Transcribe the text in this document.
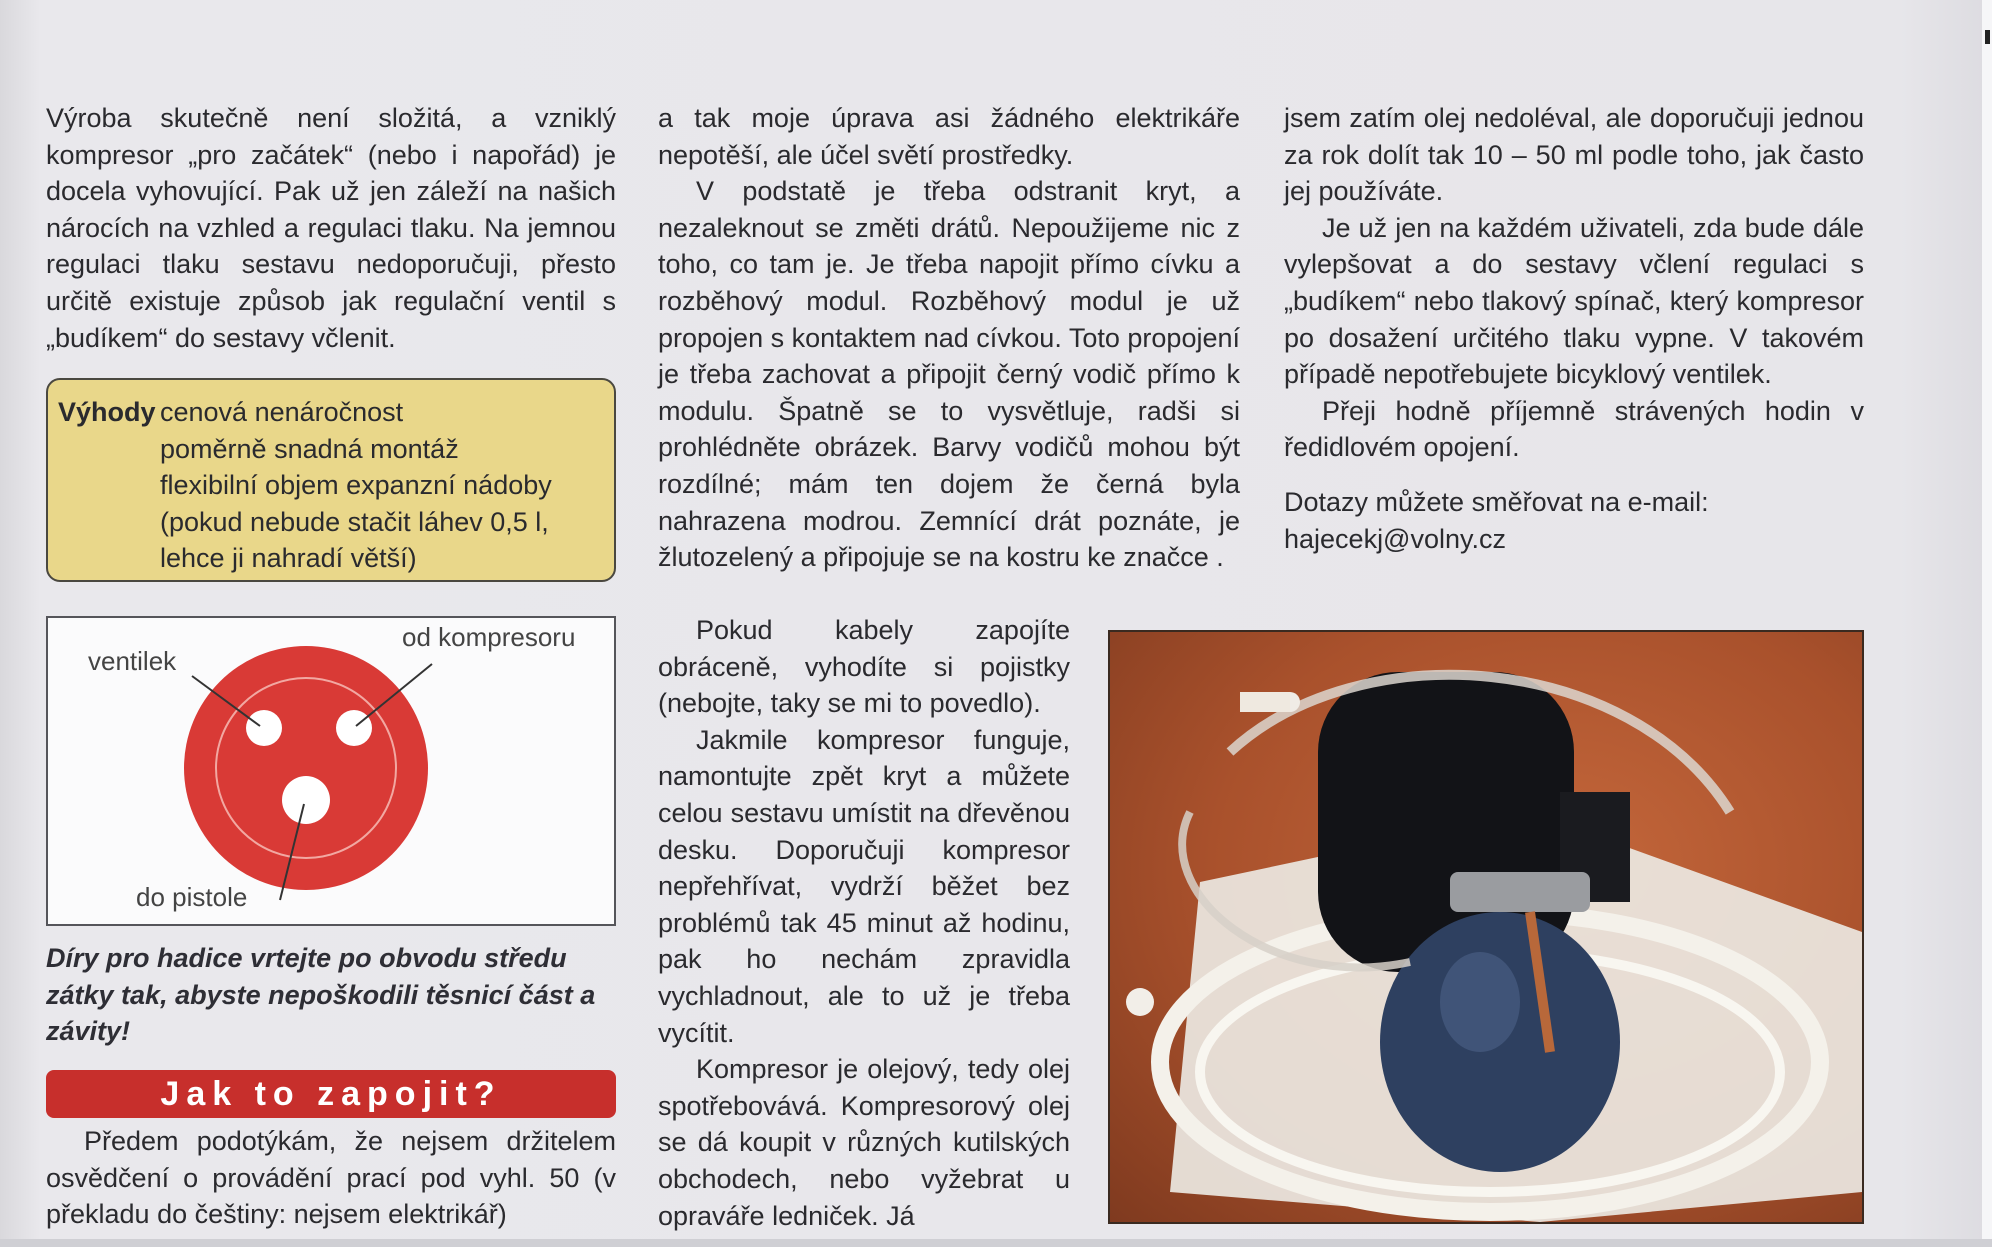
Výroba skutečně není složitá, a vzniklý kompresor „pro začátek“ (nebo i napořád) je docela vyhovující. Pak už jen záleží na našich nárocích na vzhled a regulaci tlaku. Na jemnou regulaci tlaku sestavu nedoporučuji, přesto určitě existuje způsob jak regulační ventil s „budíkem“ do sestavy včlenit.

Výhody cenová nenáročnost
poměrně snadná montáž
flexibilní objem expanzní nádoby
(pokud nebude stačit láhev 0,5 l,
lehce ji nahradí větší)
ventilek
od kompresoru
do pistole
Díry pro hadice vrtejte po obvodu středu zátky tak, abyste nepoškodili těsnicí část a závity!
Jak to zapojit?

Předem podotýkám, že nejsem držitelem osvědčení o provádění prací pod vyhl. 50 (v překladu do češtiny: nejsem elektrikář)

a tak moje úprava asi žádného elektrikáře nepotěší, ale účel světí prostředky.

V podstatě je třeba odstranit kryt, a nezaleknout se změti drátů. Nepoužijeme nic z toho, co tam je. Je třeba napojit přímo cívku a rozběhový modul. Rozběhový modul je už propojen s kontaktem nad cívkou. Toto propojení je třeba zachovat a připojit černý vodič přímo k modulu. Špatně se to vysvětluje, radši si prohlédněte obrázek. Barvy vodičů mohou být rozdílné; mám ten dojem že černá byla nahrazena modrou. Zemnící drát poznáte, je žlutozelený a připojuje se na kostru ke značce .

Pokud kabely zapojíte obráceně, vyhodíte si pojistky (nebojte, taky se mi to povedlo).

Jakmile kompresor funguje, namontujte zpět kryt a můžete celou sestavu umístit na dřevěnou desku. Doporučuji kompresor nepřehřívat, vydrží běžet bez problémů tak 45 minut až hodinu, pak ho nechám zpravidla vychladnout, ale to už je třeba vycítit.

Kompresor je olejový, tedy olej spotřebovává. Kompresorový olej se dá koupit v různých kutilských obchodech, nebo vyžebrat u opraváře ledniček. Já

jsem zatím olej nedoléval, ale doporučuji jednou za rok dolít tak 10 – 50 ml podle toho, jak často jej používáte.

Je už jen na každém uživateli, zda bude dále vylepšovat a do sestavy včlení regulaci s „budíkem“ nebo tlakový spínač, který kompresor po dosažení určitého tlaku vypne. V takovém případě nepotřebujete bicyklový ventilek.

Přeji hodně příjemně strávených hodin v ředidlovém opojení.

Dotazy můžete směřovat na e-mail:

hajecekj@volny.cz
